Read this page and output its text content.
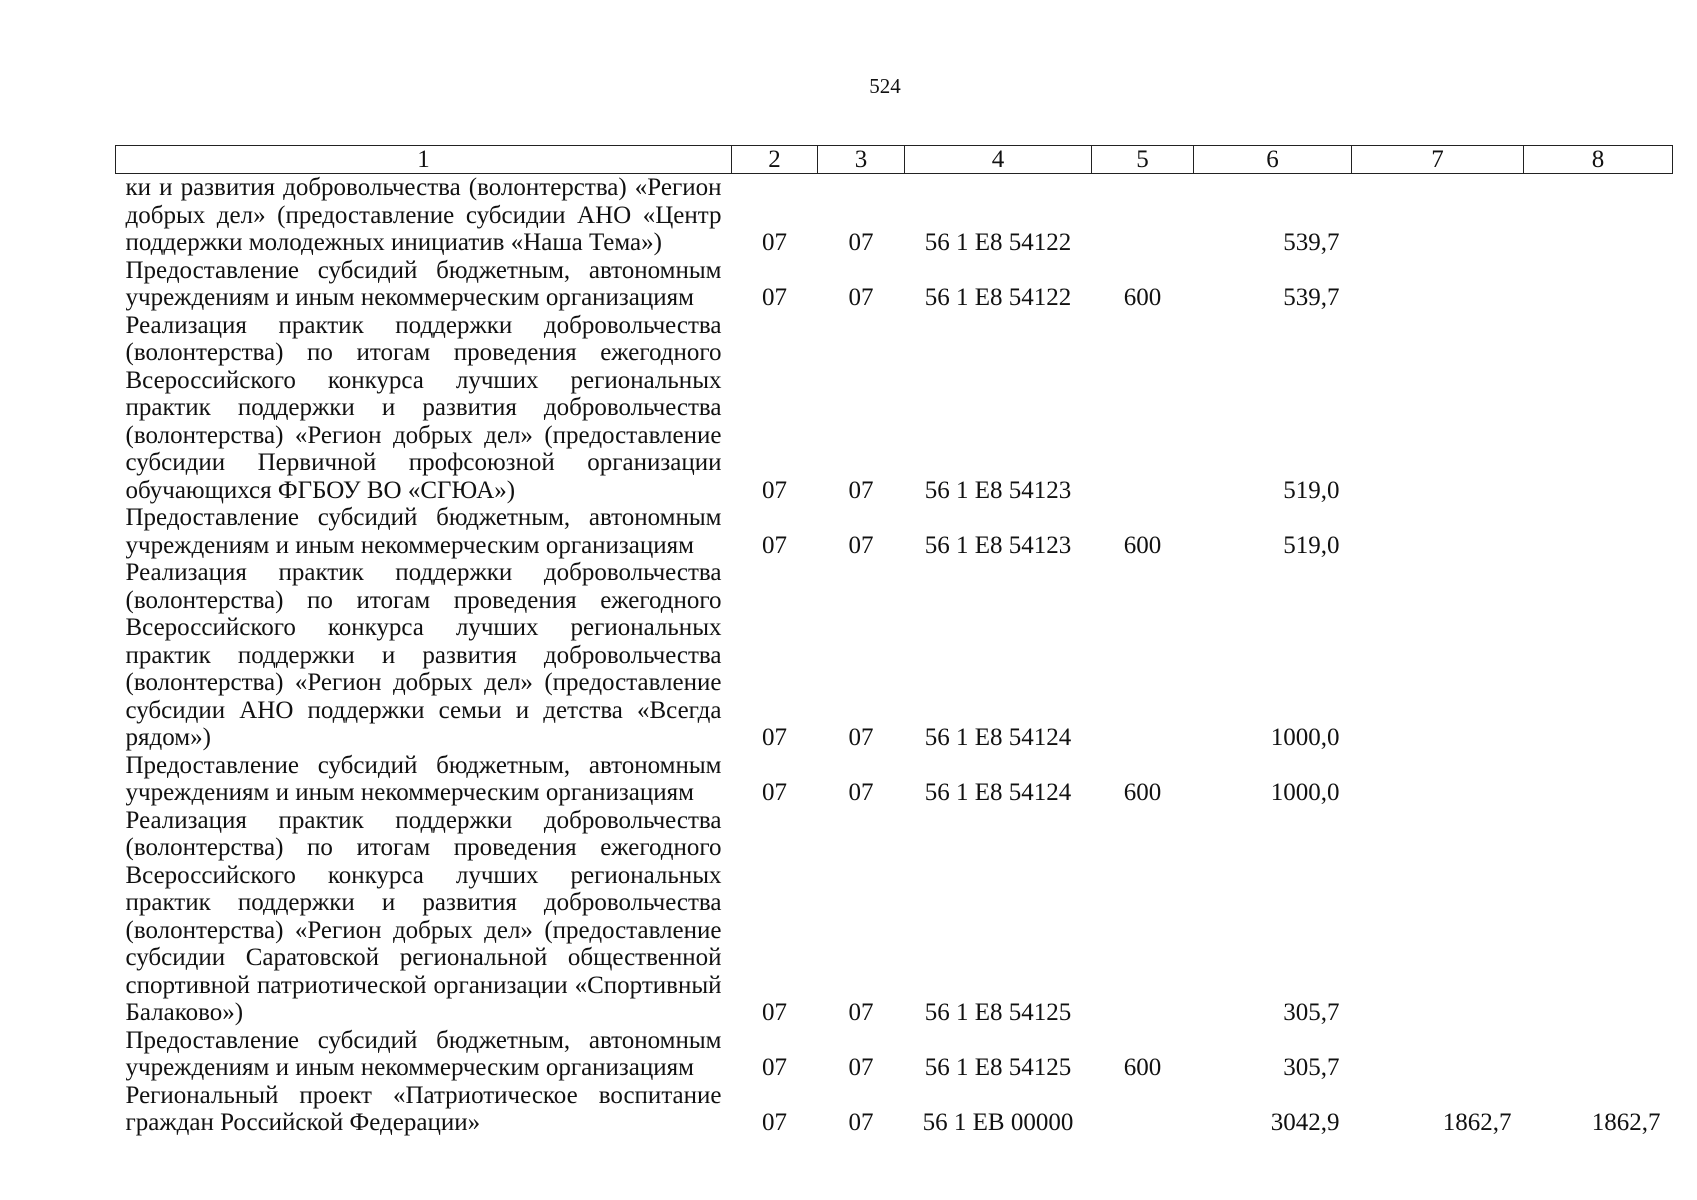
524
1	2	3	4	5	6	7	8
ки и развития добровольчества (волонтерства) «Регион добрых дел» (предоставление субсидии АНО «Центр поддержки молодежных инициатив «Наша Тема»)	07	07	56 1 E8 54122		539,7		
Предоставление субсидий бюджетным, автономным учреждениям и иным некоммерческим организациям	07	07	56 1 E8 54122	600	539,7		
Реализация практик поддержки добровольчества (волонтерства) по итогам проведения ежегодного Всероссийского конкурса лучших региональных практик поддержки и развития добровольчества (волонтерства) «Регион добрых дел» (предоставление субсидии Первичной профсоюзной организации обучающихся ФГБОУ ВО «СГЮА»)	07	07	56 1 E8 54123		519,0		
Предоставление субсидий бюджетным, автономным учреждениям и иным некоммерческим организациям	07	07	56 1 E8 54123	600	519,0		
Реализация практик поддержки добровольчества (волонтерства) по итогам проведения ежегодного Всероссийского конкурса лучших региональных практик поддержки и развития добровольчества (волонтерства) «Регион добрых дел» (предоставление субсидии АНО поддержки семьи и детства «Всегда рядом»)	07	07	56 1 E8 54124		1000,0		
Предоставление субсидий бюджетным, автономным учреждениям и иным некоммерческим организациям	07	07	56 1 E8 54124	600	1000,0		
Реализация практик поддержки добровольчества (волонтерства) по итогам проведения ежегодного Всероссийского конкурса лучших региональных практик поддержки и развития добровольчества (волонтерства) «Регион добрых дел» (предоставление субсидии Саратовской региональной общественной спортивной патриотической организации «Спортивный Балаково»)	07	07	56 1 E8 54125		305,7		
Предоставление субсидий бюджетным, автономным учреждениям и иным некоммерческим организациям	07	07	56 1 E8 54125	600	305,7		
Региональный проект «Патриотическое воспитание граждан Российской Федерации»	07	07	56 1 EВ 00000		3042,9	1862,7	1862,7
